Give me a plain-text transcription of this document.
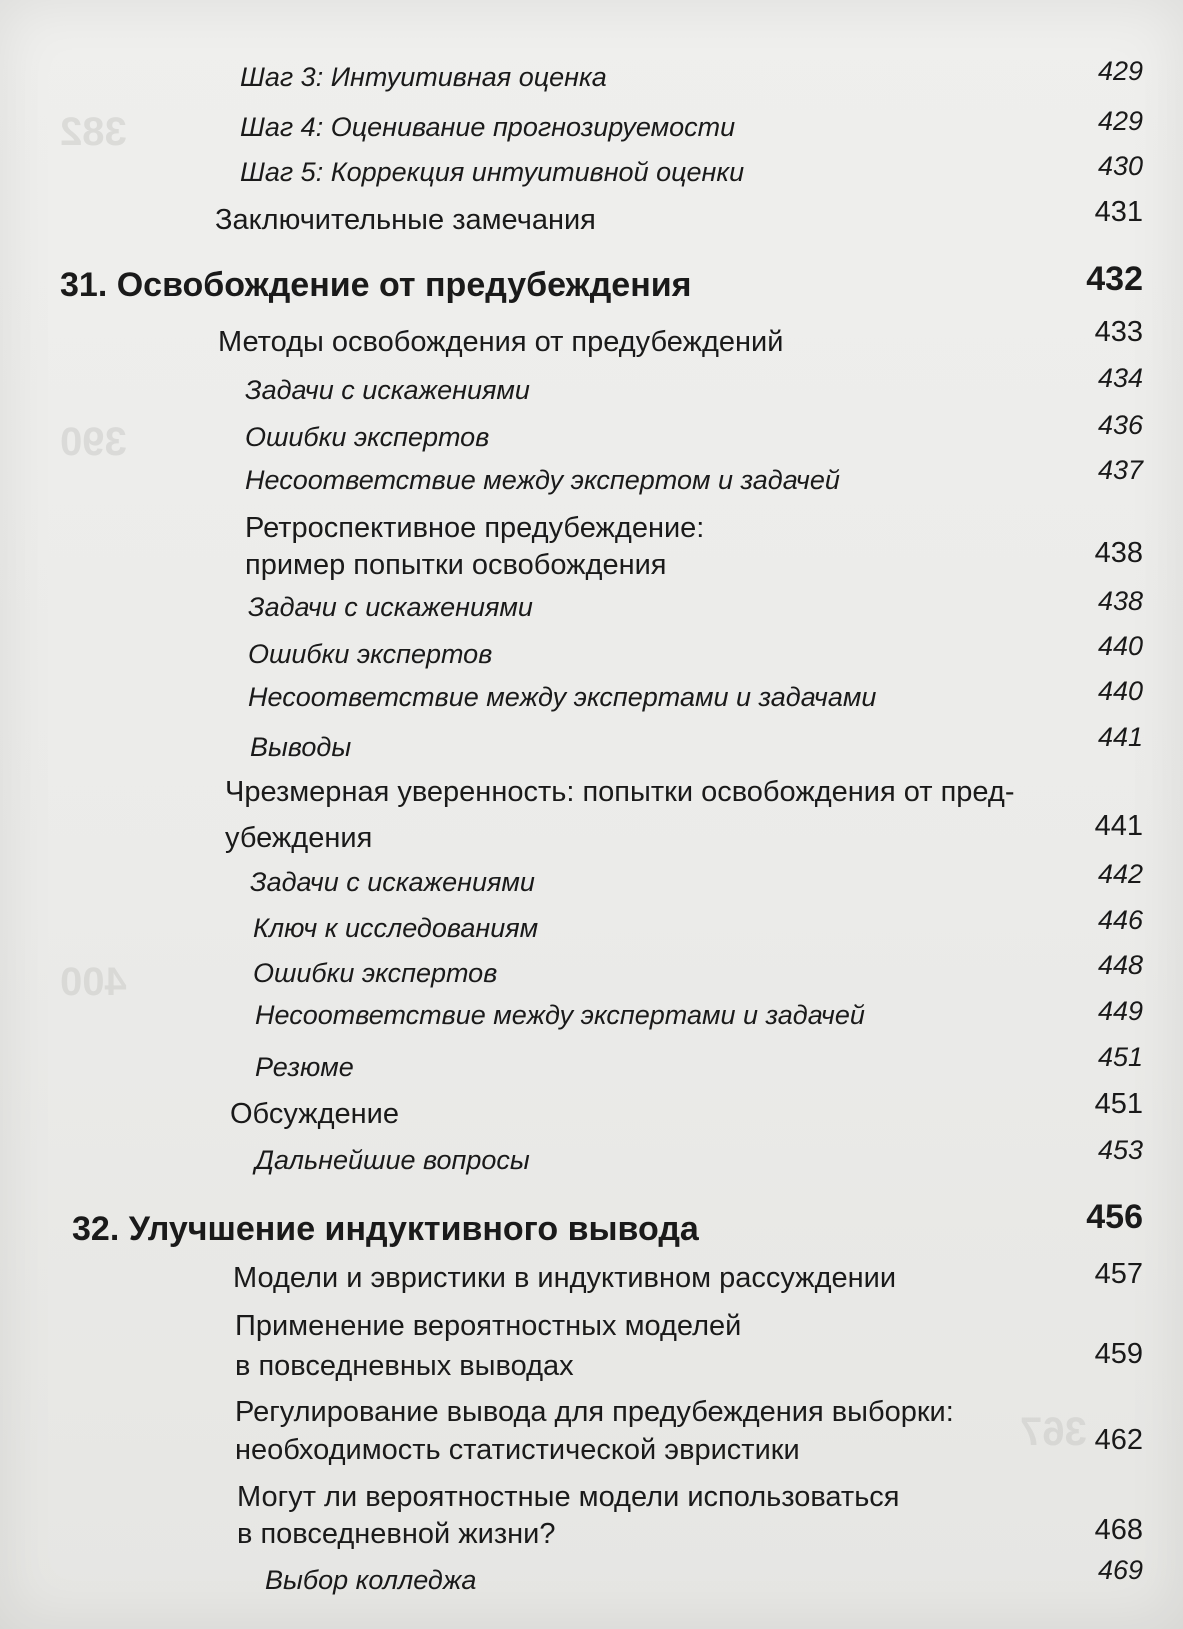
382
390
400
367
Шаг 3: Интуитивная оценка	429
Шаг 4: Оценивание прогнозируемости	429
Шаг 5: Коррекция интуитивной оценки	430
Заключительные замечания	431
31. Освобождение от предубеждения	432
Методы освобождения от предубеждений	433
Задачи с искажениями	434
Ошибки экспертов	436
Несоответствие между экспертом и задачей	437
Ретроспективное предубеждение:
пример попытки освобождения	438
Задачи с искажениями	438
Ошибки экспертов	440
Несоответствие между экспертами и задачами	440
Выводы	441
Чрезмерная уверенность: попытки освобождения от пред-
убеждения	441
Задачи с искажениями	442
Ключ к исследованиям	446
Ошибки экспертов	448
Несоответствие между экспертами и задачей	449
Резюме	451
Обсуждение	451
Дальнейшие вопросы	453
32. Улучшение индуктивного вывода	456
Модели и эвристики в индуктивном рассуждении	457
Применение вероятностных моделей
в повседневных выводах	459
Регулирование вывода для предубеждения выборки:
необходимость статистической эвристики	462
Могут ли вероятностные модели использоваться
в повседневной жизни?	468
Выбор колледжа	469
